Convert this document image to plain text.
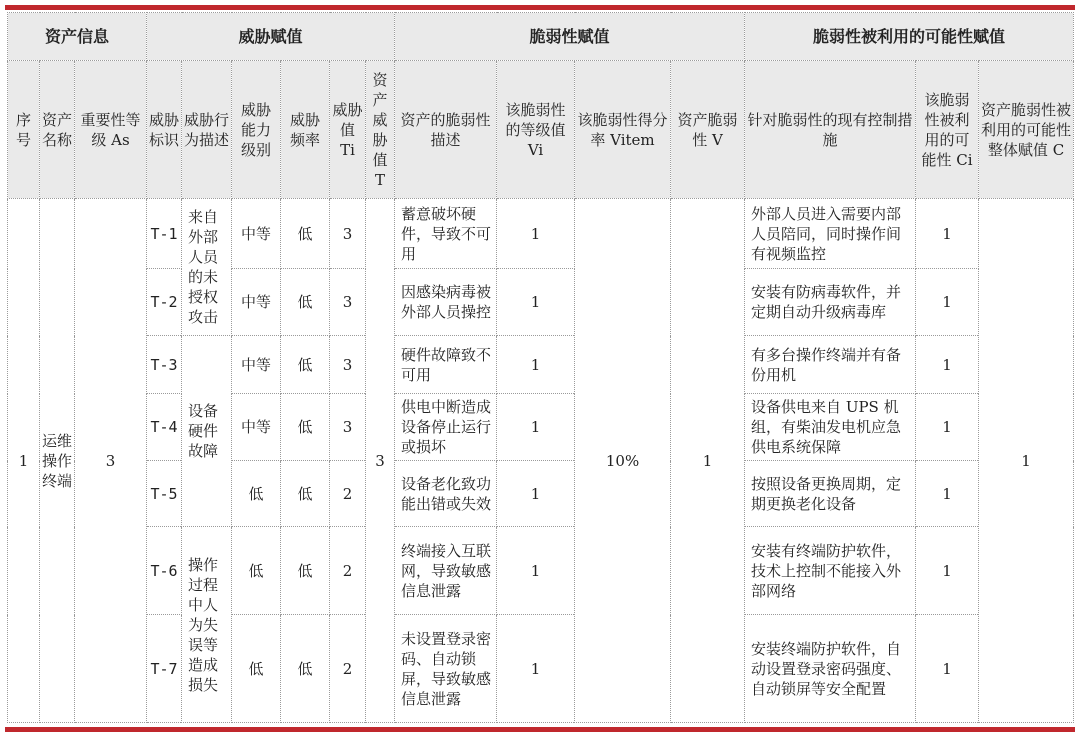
资产信息			威胁赋值						脆弱性赋值				脆弱性被利用的可能性赋值		
序号	资产名称	重要性等级 As	威胁标识	威胁行为描述	威胁能力级别	威胁频率	威胁值 Ti	资产威胁值 T	资产的脆弱性描述	该脆弱性的等级值 Vi	该脆弱性得分率 Vitem	资产脆弱性 V	针对脆弱性的现有控制措施	该脆弱性被利用的可能性 Ci	资产脆弱性被利用的可能性整体赋值 C
1	运维操作终端	3	T-1	来自外部人员的未授权攻击	中等	低	3	3	蓄意破坏硬件，导致不可用	1	10%	1	外部人员进入需要内部人员陪同，同时操作间有视频监控	1	1
			T-2		中等	低	3		因感染病毒被外部人员操控	1			安装有防病毒软件，并定期自动升级病毒库	1	
			T-3	设备硬件故障	中等	低	3		硬件故障致不可用	1			有多台操作终端并有备份用机	1	
			T-4		中等	低	3		供电中断造成设备停止运行或损坏	1			设备供电来自 UPS 机组，有柴油发电机应急供电系统保障	1	
			T-5		低	低	2		设备老化致功能出错或失效	1			按照设备更换周期，定期更换老化设备	1	
			T-6	操作过程中人为失误等造成损失	低	低	2		终端接入互联网，导致敏感信息泄露	1			安装有终端防护软件，技术上控制不能接入外部网络	1	
			T-7		低	低	2		未设置登录密码、自动锁屏，导致敏感信息泄露	1			安装终端防护软件，自动设置登录密码强度、自动锁屏等安全配置	1	
